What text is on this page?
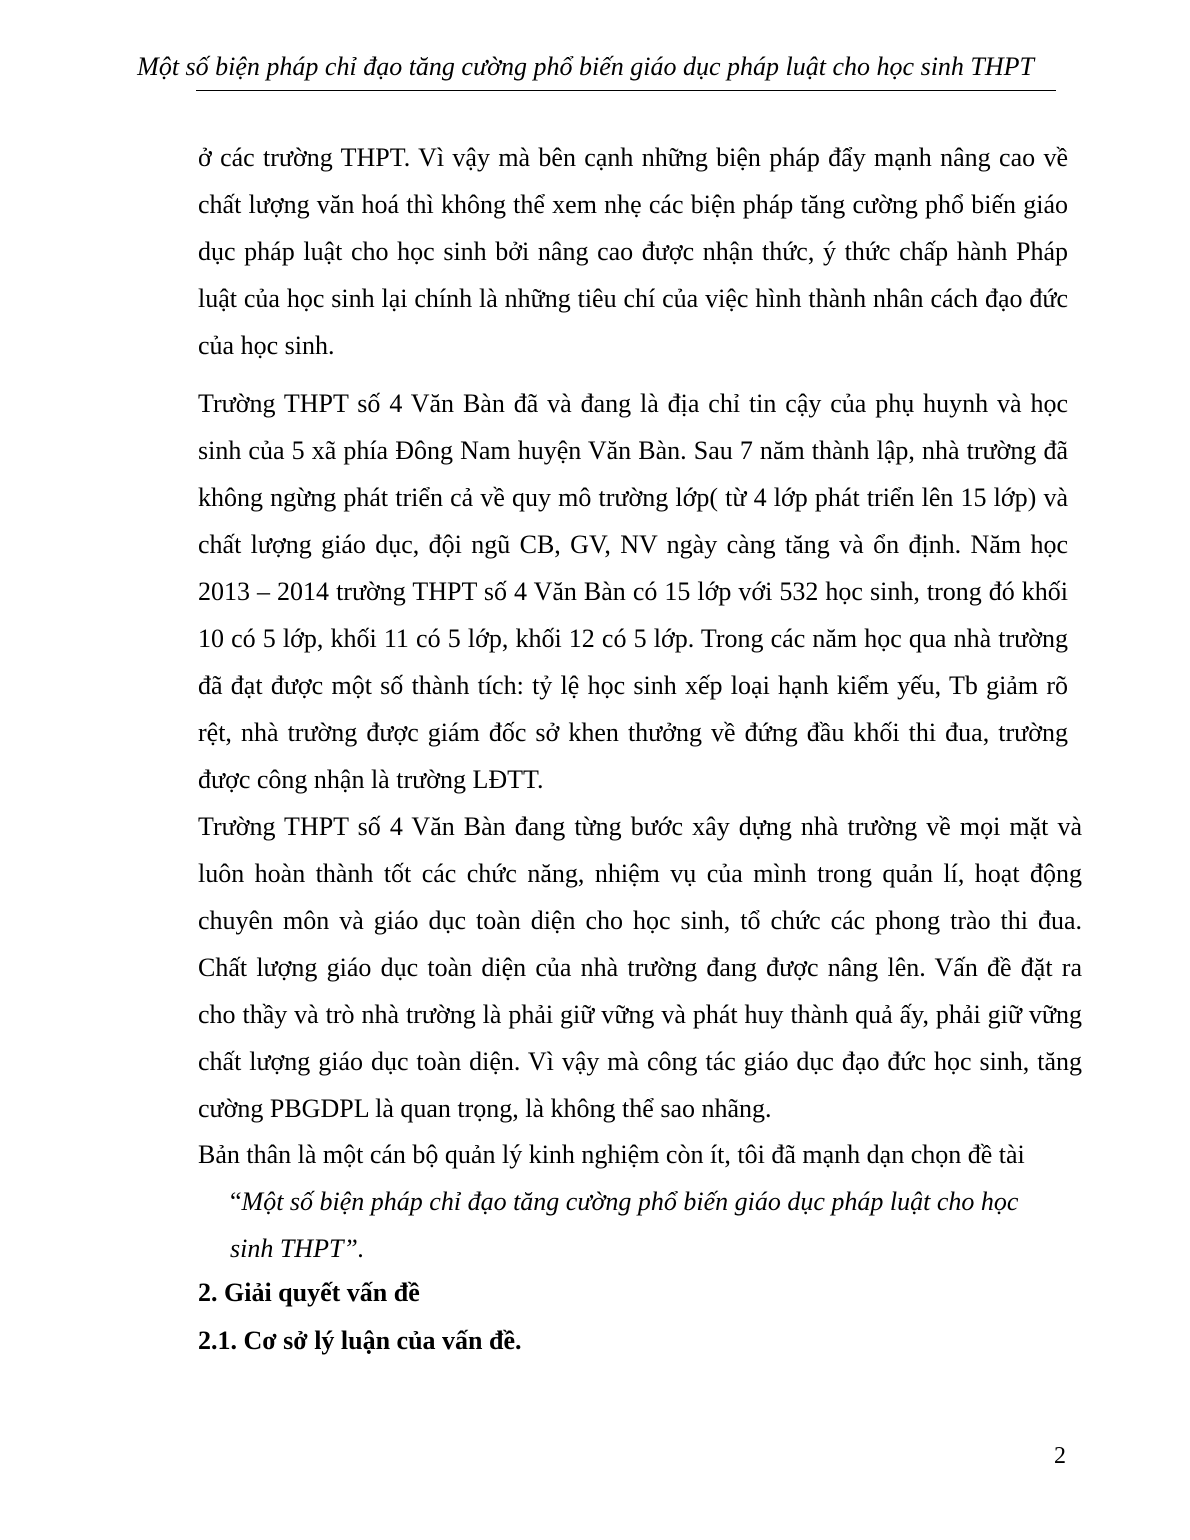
Một số biện pháp chỉ đạo tăng cường phổ biến giáo dục pháp luật cho học sinh THPT

ở các trường THPT. Vì vậy mà bên cạnh những biện pháp đẩy mạnh nâng cao về chất lượng văn hoá thì không thể xem nhẹ các biện pháp tăng cường phổ biến giáo dục pháp luật cho học sinh bởi nâng cao được nhận thức, ý thức chấp hành Pháp luật của học sinh lại chính là những tiêu chí của việc hình thành nhân cách đạo đức của học sinh.

Trường THPT số 4 Văn Bàn đã và đang là địa chỉ tin cậy của phụ huynh và học sinh của 5 xã phía Đông Nam huyện Văn Bàn. Sau 7 năm thành lập, nhà trường đã không ngừng phát triển cả về quy mô trường lớp( từ 4 lớp phát triển lên 15 lớp) và chất lượng giáo dục, đội ngũ CB, GV, NV ngày càng tăng và ổn định. Năm học 2013 – 2014 trường THPT số 4 Văn Bàn có 15 lớp với 532 học sinh, trong đó khối 10 có 5 lớp, khối 11 có 5 lớp, khối 12 có 5 lớp. Trong các năm học qua nhà trường đã đạt được một số thành tích: tỷ lệ học sinh xếp loại hạnh kiểm yếu, Tb giảm rõ rệt, nhà trường được giám đốc sở khen thưởng về đứng đầu khối thi đua, trường được công nhận là trường LĐTT.

Trường THPT số 4 Văn Bàn đang từng bước xây dựng nhà trường về mọi mặt và luôn hoàn thành tốt các chức năng, nhiệm vụ của mình trong quản lí, hoạt động chuyên môn và giáo dục toàn diện cho học sinh, tổ chức các phong trào thi đua. Chất lượng giáo dục toàn diện của nhà trường đang được nâng lên. Vấn đề đặt ra cho thầy và trò nhà trường là phải giữ vững và phát huy thành quả ấy, phải giữ vững chất lượng giáo dục toàn diện. Vì vậy mà công tác giáo dục đạo đức học sinh, tăng cường PBGDPL là quan trọng, là không thể sao nhãng.

Bản thân là một cán bộ quản lý kinh nghiệm còn ít, tôi đã mạnh dạn chọn đề tài

“Một số biện pháp chỉ đạo tăng cường phổ biến giáo dục pháp luật cho học
sinh THPT”.

2. Giải quyết vấn đề

2.1. Cơ sở lý luận của vấn đề.

2
